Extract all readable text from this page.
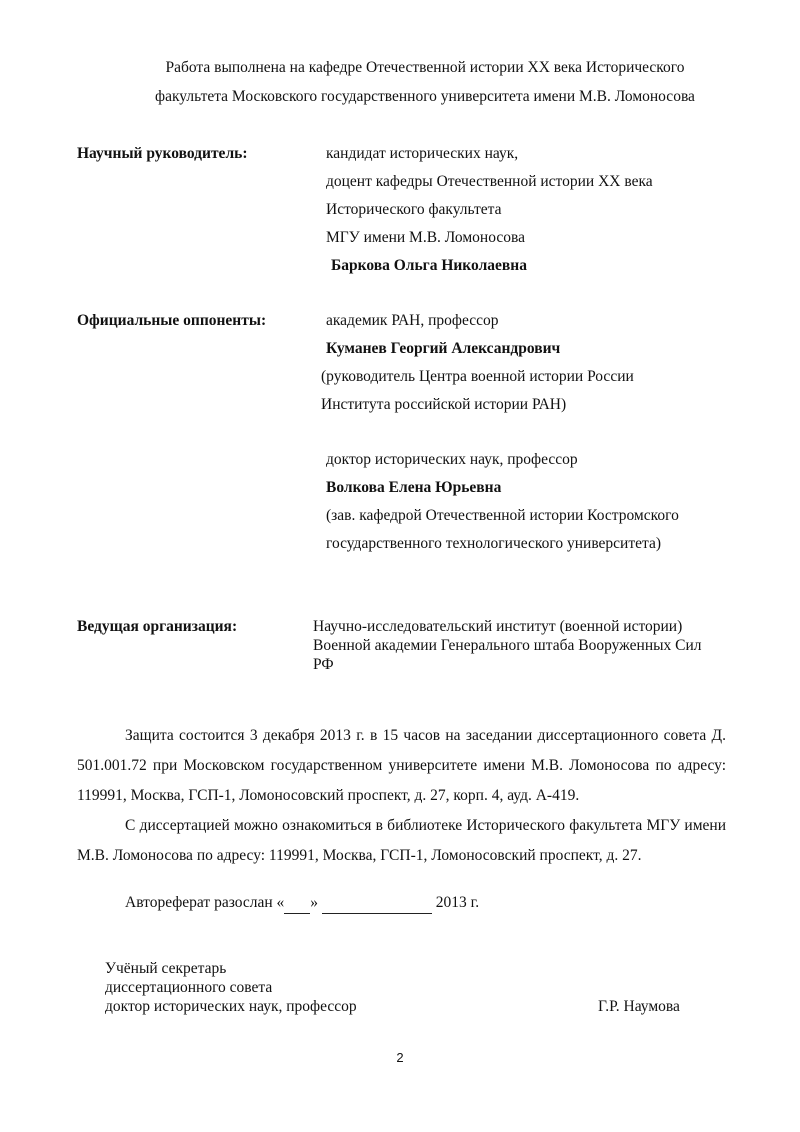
Работа выполнена на кафедре Отечественной истории XX века Исторического
факультета Московского государственного университета имени М.В. Ломоносова
Научный руководитель:	кандидат исторических наук,
доцент кафедры Отечественной истории XX века
Исторического факультета
МГУ имени М.В. Ломоносова
Баркова Ольга Николаевна
Официальные оппоненты:	академик РАН, профессор
Куманев Георгий Александрович
(руководитель Центра военной истории России
Института российской истории РАН)
доктор исторических наук, профессор
Волкова Елена Юрьевна
(зав. кафедрой Отечественной истории Костромского
государственного технологического университета)
Ведущая организация:	Научно-исследовательский институт (военной истории)
Военной академии Генерального штаба Вооруженных Сил
РФ

Защита состоится 3 декабря 2013 г. в 15 часов на заседании диссертационного совета Д. 501.001.72 при Московском государственном университете имени М.В. Ломоносова по адресу: 119991, Москва, ГСП-1, Ломоносовский проспект, д. 27, корп. 4, ауд. А-419.

С диссертацией можно ознакомиться в библиотеке Исторического факультета МГУ имени М.В. Ломоносова по адресу: 119991, Москва, ГСП-1, Ломоносовский проспект, д. 27.

Автореферат разослан « »	2013 г.
Учёный секретарь
диссертационного совета
доктор исторических наук, профессор	Г.Р. Наумова
2
